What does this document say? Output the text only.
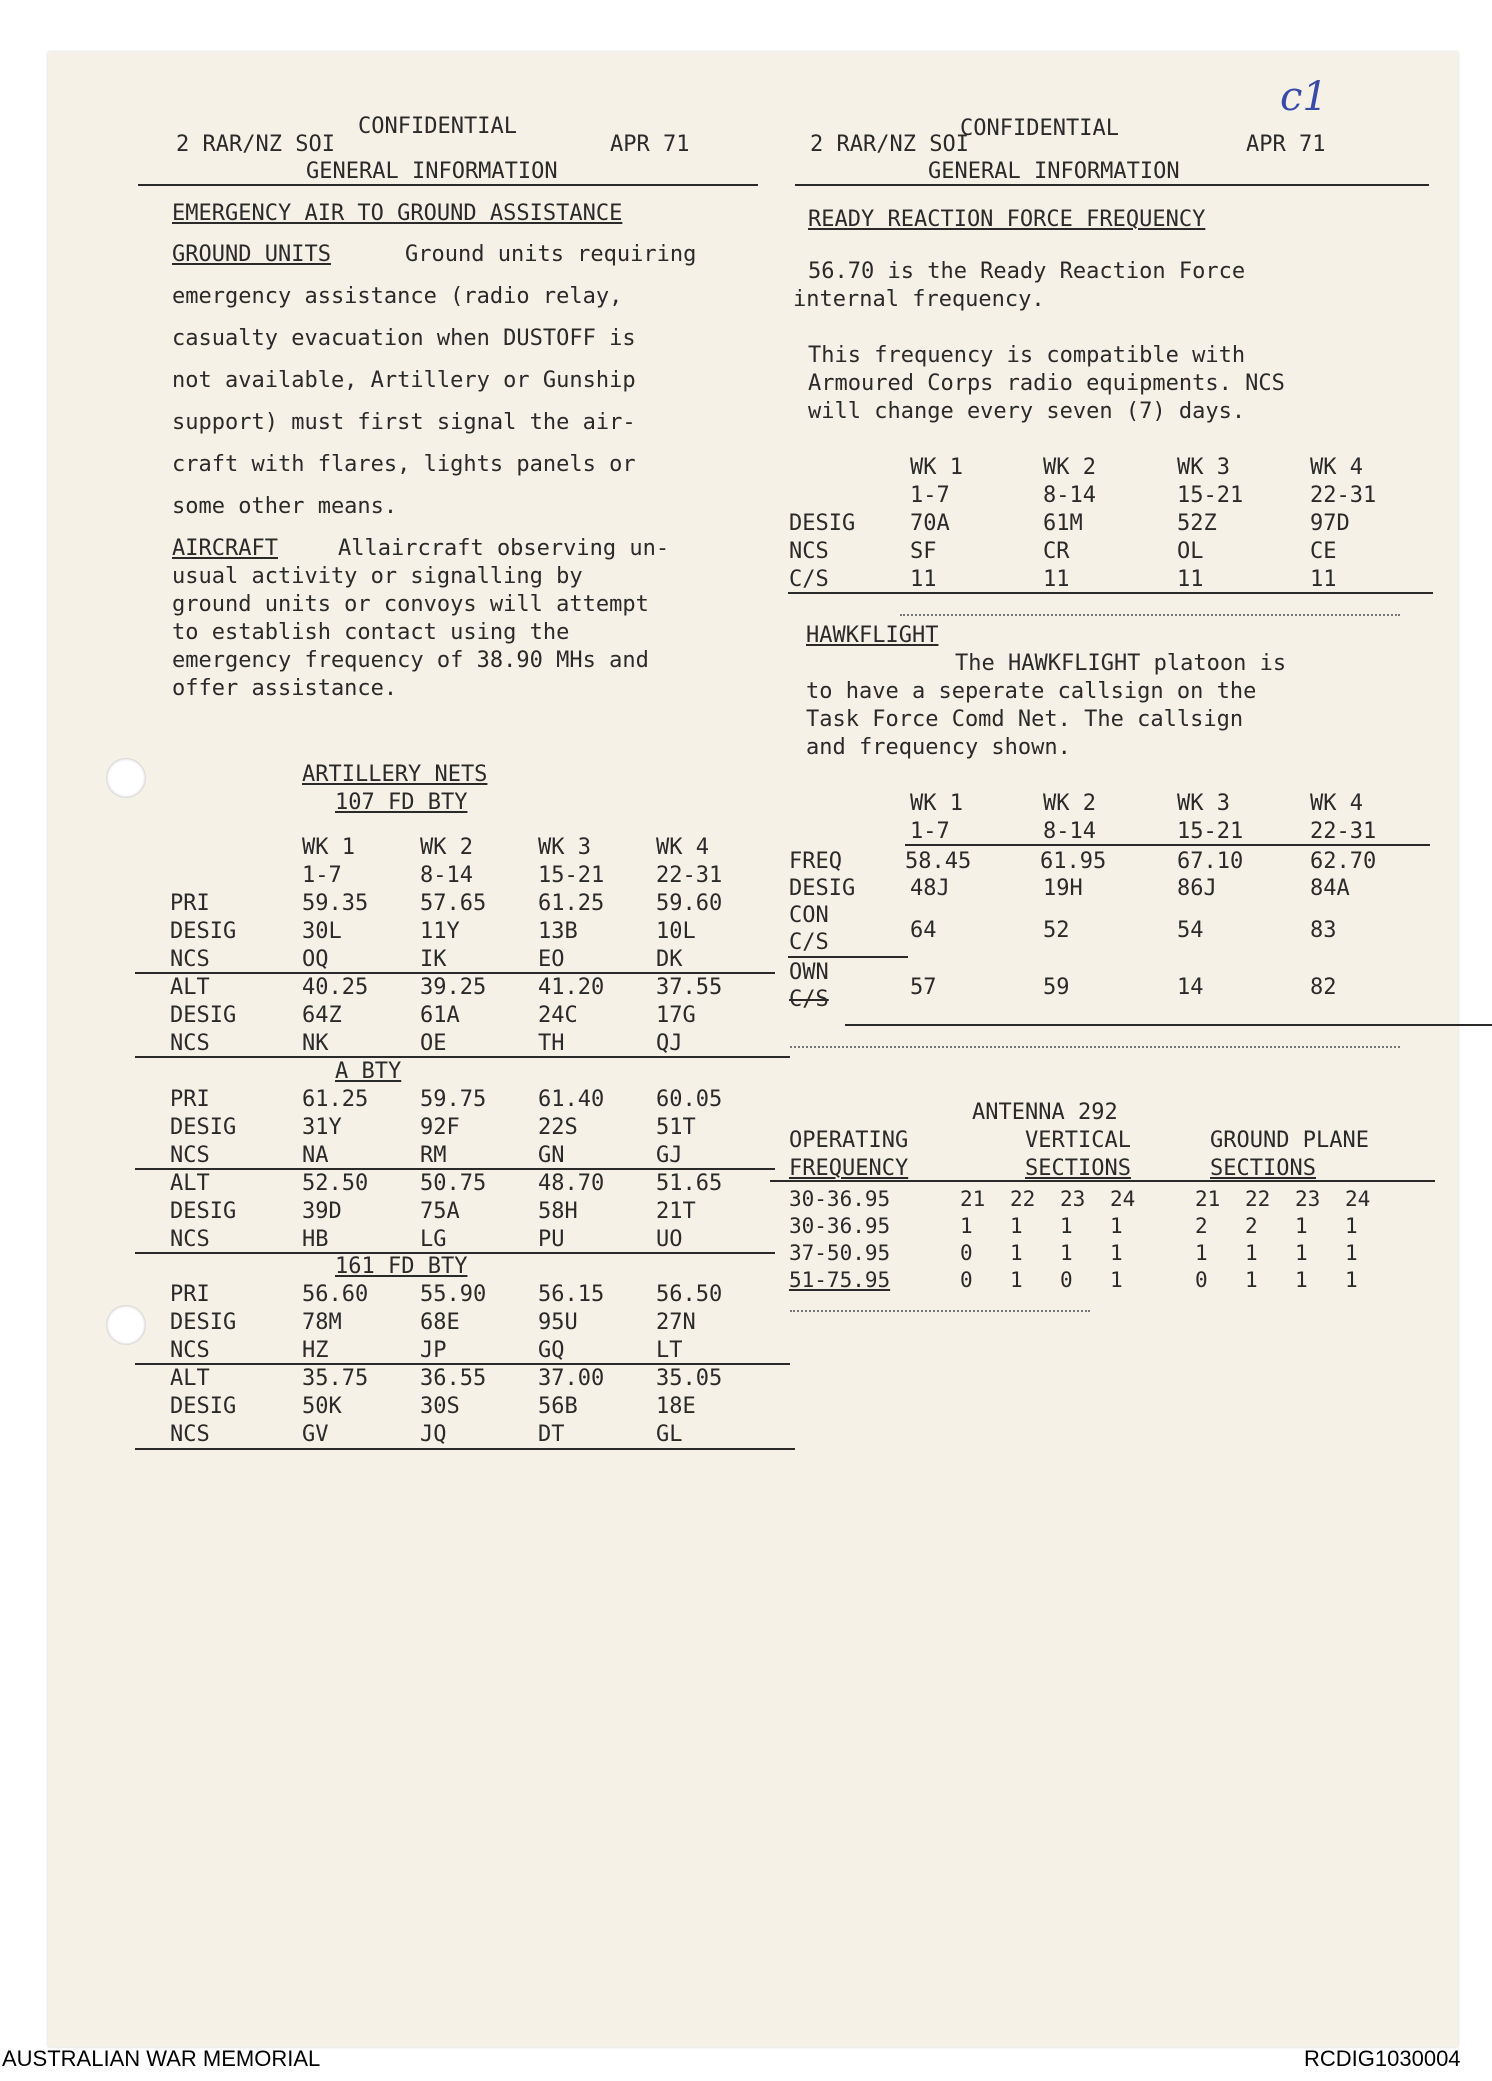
c1
2 RAR/NZ SOI
CONFIDENTIAL
APR 71
GENERAL INFORMATION
2 RAR/NZ SOI
CONFIDENTIAL
APR 71
GENERAL INFORMATION
EMERGENCY AIR TO GROUND ASSISTANCE
GROUND UNITS	Ground units requiring
emergency assistance (radio relay,
casualty evacuation when DUSTOFF is
not available, Artillery or Gunship
support) must first signal the air-
craft with flares, lights panels or
some other means.
AIRCRAFT	Allaircraft observing un-
usual activity or signalling by
ground units or convoys will attempt
to establish contact using the
emergency frequency of 38.90 MHs and
offer assistance.
READY REACTION FORCE FREQUENCY
56.70 is the Ready Reaction Force
internal frequency.
This frequency is compatible with
Armoured Corps radio equipments. NCS
will change every seven (7) days.
WK 1	WK 2	WK 3	WK 4
1-7	8-14	15-21	22-31
DESIG 70A	61M	52Z	97D
NCS	SF	CR	OL	CE
C/S	11	11	11	11
HAWKFLIGHT
The HAWKFLIGHT platoon is
to have a seperate callsign on the
Task Force Comd Net. The callsign
and frequency shown.
WK 1	WK 2	WK 3	WK 4
1-7	8-14	15-21	22-31
FREQ	58.45	61.95	67.10	62.70
DESIG 48J	19H	86J	84A
CON
C/S	64	52	54	83
OWN
C/S	57	59	14	82
ANTENNA 292
OPERATING	VERTICAL	GROUND PLANE
FREQUENCY	SECTIONS	SECTIONS
30-36.95	21 22 23 24	21 22 23 24
30-36.95	1 1 1 1	2 2 1 1
37-50.95	0 1 1 1	1 1 1 1
51-75.95	0 1 0 1	0 1 1 1
ARTILLERY NETS
107 FD BTY
WK 1	WK 2	WK 3	WK 4
1-7	8-14	15-21 22-31
PRI	59.35 57.65 61.25 59.60
DESIG	30L	11Y	13B	10L
NCS	OQ	IK	EO	DK
ALT	40.25 39.25 41.20 37.55
DESIG	64Z	61A	24C	17G
NCS	NK	OE	TH	QJ
A BTY
PRI	61.25 59.75 61.40 60.05
DESIG	31Y	92F	22S	51T
NCS	NA	RM	GN	GJ
ALT	52.50 50.75 48.70 51.65
DESIG	39D	75A	58H	21T
NCS	HB	LG	PU	UO
161 FD BTY
PRI	56.60 55.90 56.15 56.50
DESIG	78M	68E	95U	27N
NCS	HZ	JP	GQ	LT
ALT	35.75 36.55 37.00 35.05
DESIG	50K	30S	56B	18E
NCS	GV	JQ	DT	GL
AUSTRALIAN WAR MEMORIAL	RCDIG1030004
